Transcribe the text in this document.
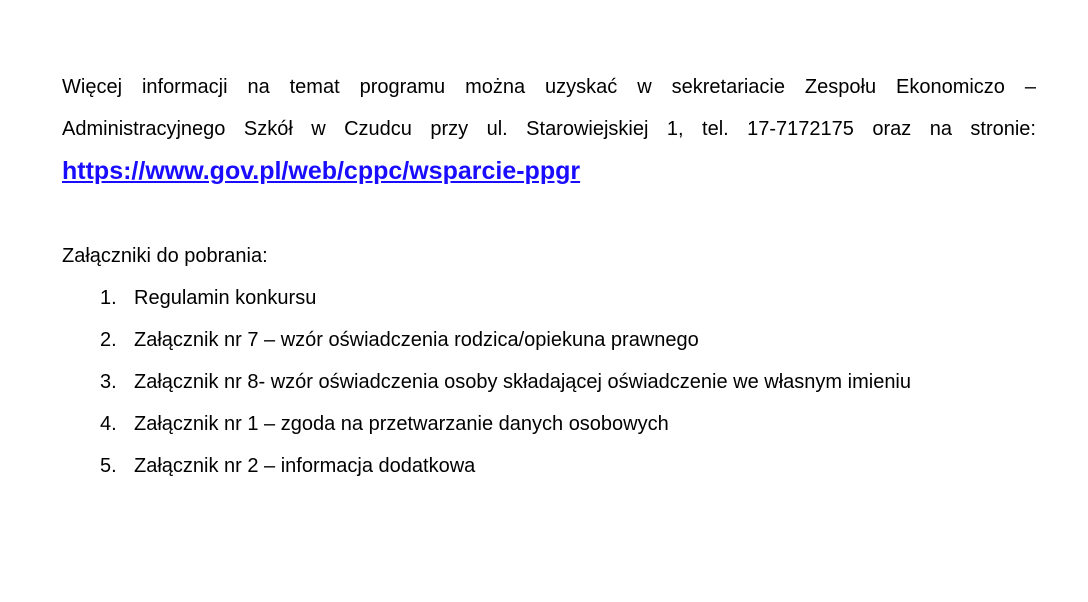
Więcej informacji na temat programu można uzyskać w sekretariacie Zespołu Ekonomiczo – Administracyjnego Szkół w Czudcu przy ul. Starowiejskiej 1, tel. 17-7172175 oraz na stronie: https://www.gov.pl/web/cppc/wsparcie-ppgr

Załączniki do pobrania:

1. Regulamin konkursu
2. Załącznik nr 7 – wzór oświadczenia rodzica/opiekuna prawnego
3. Załącznik nr 8- wzór oświadczenia osoby składającej oświadczenie we własnym imieniu
4. Załącznik nr 1 – zgoda na przetwarzanie danych osobowych
5. Załącznik nr 2 – informacja dodatkowa
